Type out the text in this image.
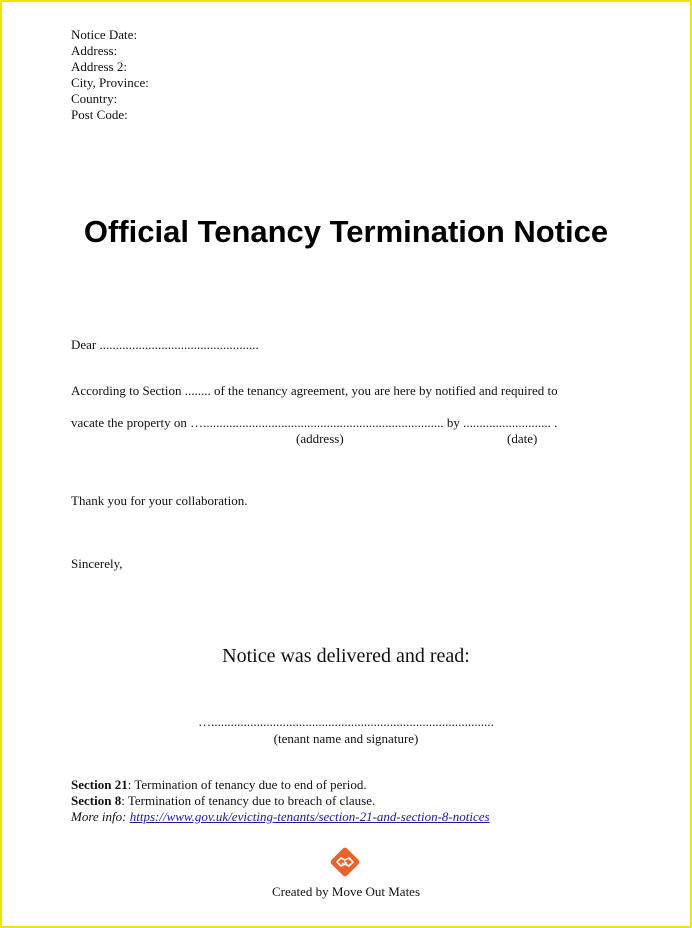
Notice Date:
Address:
Address 2:
City, Province:
Country:
Post Code:
Official Tenancy Termination Notice
Dear .................................................
According to Section ........ of the tenancy agreement, you are here by notified and required to
vacate the property on ….......................................................................... by ........................... .
(address)	(date)
Thank you for your collaboration.
Sincerely,
Notice was delivered and read:
….......................................................................................
(tenant name and signature)
Section 21: Termination of tenancy due to end of period.
Section 8: Termination of tenancy due to breach of clause.
More info: https://www.gov.uk/evicting-tenants/section-21-and-section-8-notices
Created by Move Out Mates
